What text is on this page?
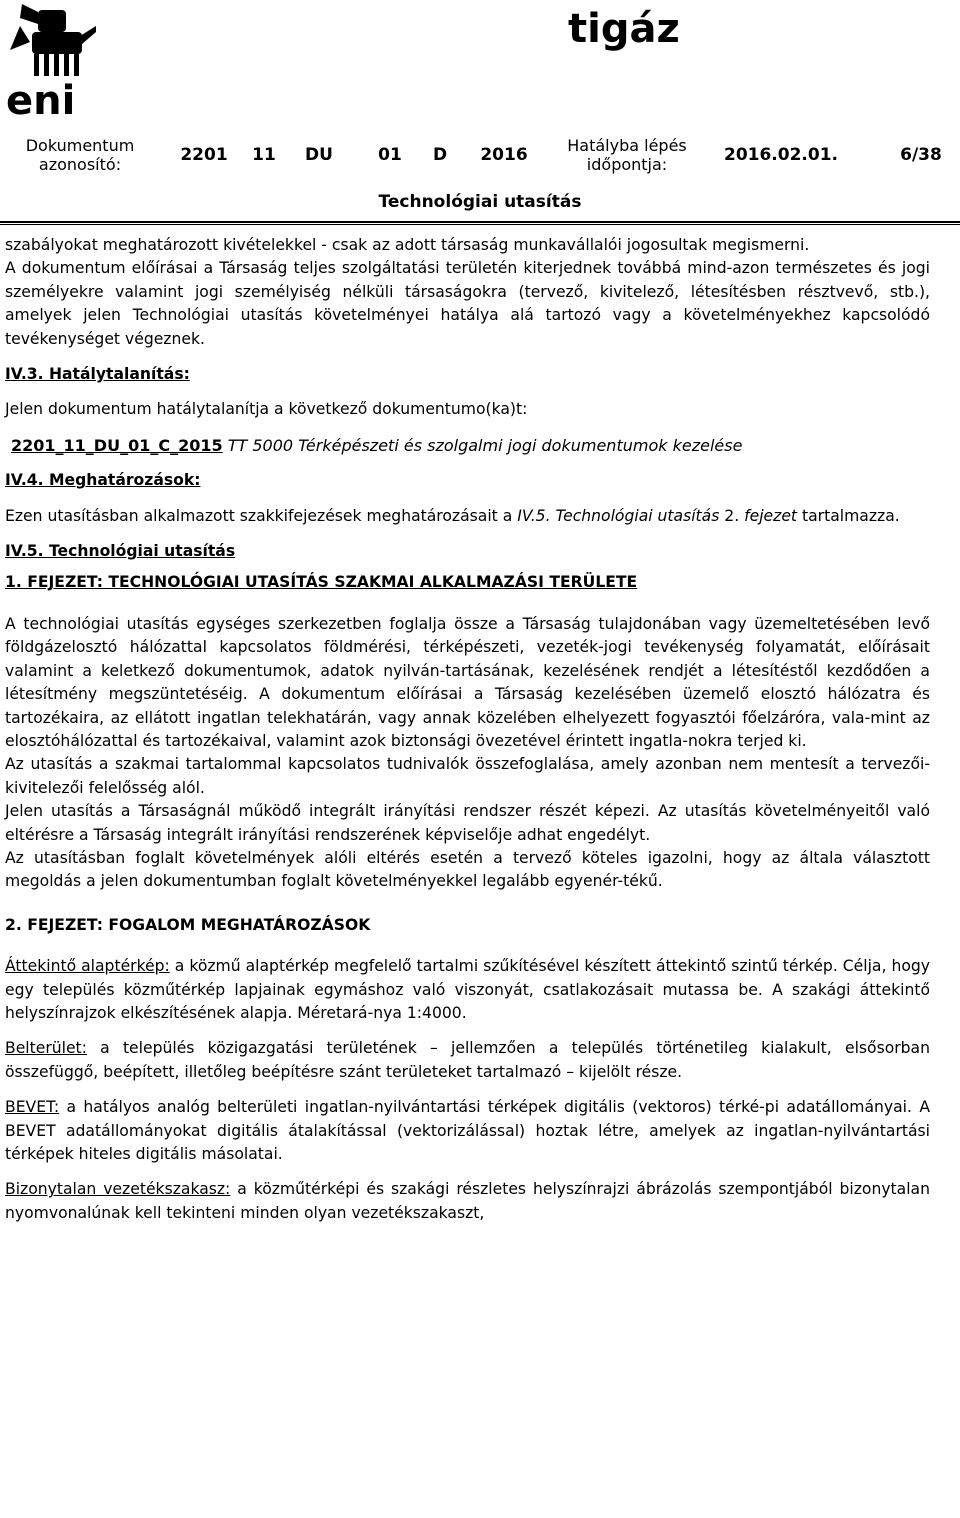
eni
tigáz
Dokumentum azonosító:	2201	11	DU	01	D	2016	Hatályba lépés időpontja:	2016.02.01.	6/38
Technológiai utasítás

szabályokat meghatározott kivételekkel - csak az adott társaság munkavállalói jogosultak megismerni.

A dokumentum előírásai a Társaság teljes szolgáltatási területén kiterjednek továbbá mind-azon természetes és jogi személyekre valamint jogi személyiség nélküli társaságokra (tervező, kivitelező, létesítésben résztvevő, stb.), amelyek jelen Technológiai utasítás követelményei hatálya alá tartozó vagy a követelményekhez kapcsolódó tevékenységet végeznek.

IV.3. Hatálytalanítás:

Jelen dokumentum hatálytalanítja a következő dokumentumo(ka)t:

2201_11_DU_01_C_2015 TT 5000 Térképészeti és szolgalmi jogi dokumentumok kezelése

IV.4. Meghatározások:

Ezen utasításban alkalmazott szakkifejezések meghatározásait a IV.5. Technológiai utasítás 2. fejezet tartalmazza.

IV.5. Technológiai utasítás

1. FEJEZET: TECHNOLÓGIAI UTASÍTÁS SZAKMAI ALKALMAZÁSI TERÜLETE

A technológiai utasítás egységes szerkezetben foglalja össze a Társaság tulajdonában vagy üzemeltetésében levő földgázelosztó hálózattal kapcsolatos földmérési, térképészeti, vezeték-jogi tevékenység folyamatát, előírásait valamint a keletkező dokumentumok, adatok nyilván-tartásának, kezelésének rendjét a létesítéstől kezdődően a létesítmény megszüntetéséig. A dokumentum előírásai a Társaság kezelésében üzemelő elosztó hálózatra és tartozékaira, az ellátott ingatlan telekhatárán, vagy annak közelében elhelyezett fogyasztói főelzáróra, vala-mint az elosztóhálózattal és tartozékaival, valamint azok biztonsági övezetével érintett ingatla-nokra terjed ki.

Az utasítás a szakmai tartalommal kapcsolatos tudnivalók összefoglalása, amely azonban nem mentesít a tervezői- kivitelezői felelősség alól.

Jelen utasítás a Társaságnál működő integrált irányítási rendszer részét képezi. Az utasítás követelményeitől való eltérésre a Társaság integrált irányítási rendszerének képviselője adhat engedélyt.

Az utasításban foglalt követelmények alóli eltérés esetén a tervező köteles igazolni, hogy az általa választott megoldás a jelen dokumentumban foglalt követelményekkel legalább egyenér-tékű.

2. FEJEZET: FOGALOM MEGHATÁROZÁSOK

Áttekintő alaptérkép: a közmű alaptérkép megfelelő tartalmi szűkítésével készített áttekintő szintű térkép. Célja, hogy egy település közműtérkép lapjainak egymáshoz való viszonyát, csatlakozásait mutassa be. A szakági áttekintő helyszínrajzok elkészítésének alapja. Méretará-nya 1:4000.

Belterület: a település közigazgatási területének – jellemzően a település történetileg kialakult, elsősorban összefüggő, beépített, illetőleg beépítésre szánt területeket tartalmazó – kijelölt része.

BEVET: a hatályos analóg belterületi ingatlan-nyilvántartási térképek digitális (vektoros) térké-pi adatállományai. A BEVET adatállományokat digitális átalakítással (vektorizálással) hoztak létre, amelyek az ingatlan-nyilvántartási térképek hiteles digitális másolatai.

Bizonytalan vezetékszakasz: a közműtérképi és szakági részletes helyszínrajzi ábrázolás szempontjából bizonytalan nyomvonalúnak kell tekinteni minden olyan vezetékszakaszt,
